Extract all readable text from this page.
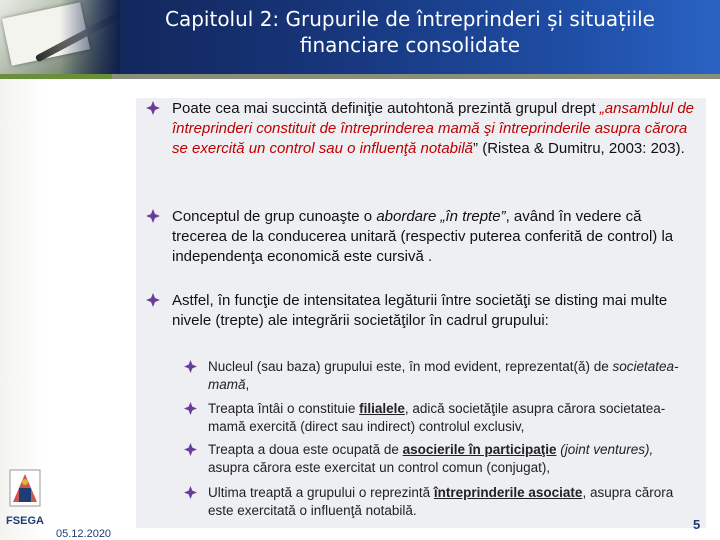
Capitolul 2: Grupurile de întreprinderi și situațiile
financiare consolidate
Poate cea mai succintă definiţie autohtonă prezintă grupul drept „ansamblul de întreprinderi constituit de întreprinderea mamă şi întreprinderile asupra cărora se exercită un control sau o influenţă notabilă” (Ristea & Dumitru, 2003: 203).
Conceptul de grup cunoaşte o abordare „în trepte”, având în vedere că trecerea de la conducerea unitară (respectiv puterea conferită de control) la independenţa economică este cursivă .
Astfel, în funcţie de intensitatea legăturii între societăţi se disting mai multe nivele (trepte) ale integrării societăţilor în cadrul grupului:
Nucleul (sau baza) grupului este, în mod evident, reprezentat(ă) de societatea-mamă,
Treapta întâi o constituie filialele, adică societăţile asupra cărora societatea-mamă exercită (direct sau indirect) controlul exclusiv,
Treapta a doua este ocupată de asocierile în participaţie (joint ventures), asupra cărora este exercitat un control comun (conjugat),
Ultima treaptă a grupului o reprezintă întreprinderile asociate, asupra cărora este exercitată o influenţă notabilă.
FSEGA
05.12.2020
5
